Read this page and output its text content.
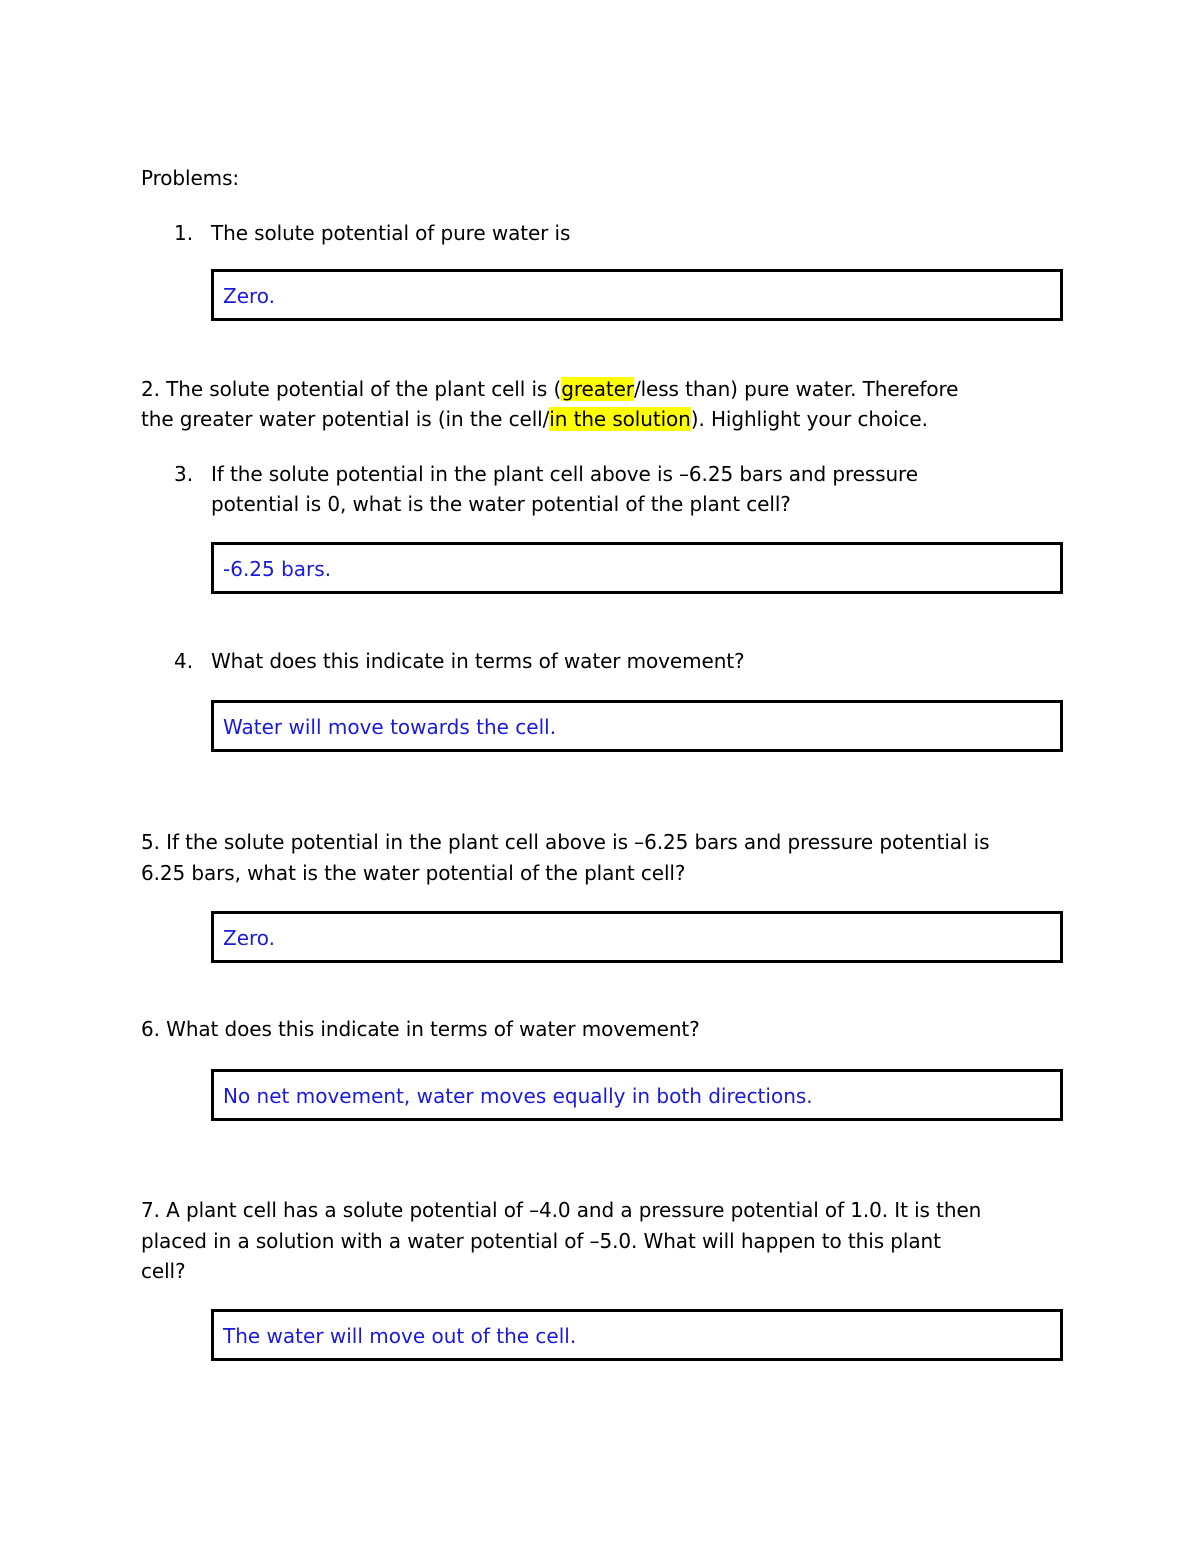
Problems:
1. The solute potential of pure water is
Zero.
2. The solute potential of the plant cell is (greater/less than) pure water. Therefore
the greater water potential is (in the cell/in the solution). Highlight your choice.
3. If the solute potential in the plant cell above is –6.25 bars and pressure
potential is 0, what is the water potential of the plant cell?
-6.25 bars.
4. What does this indicate in terms of water movement?
Water will move towards the cell.
5. If the solute potential in the plant cell above is –6.25 bars and pressure potential is
6.25 bars, what is the water potential of the plant cell?
Zero.
6. What does this indicate in terms of water movement?
No net movement, water moves equally in both directions.
7. A plant cell has a solute potential of –4.0 and a pressure potential of 1.0. It is then
placed in a solution with a water potential of –5.0. What will happen to this plant
cell?
The water will move out of the cell.
